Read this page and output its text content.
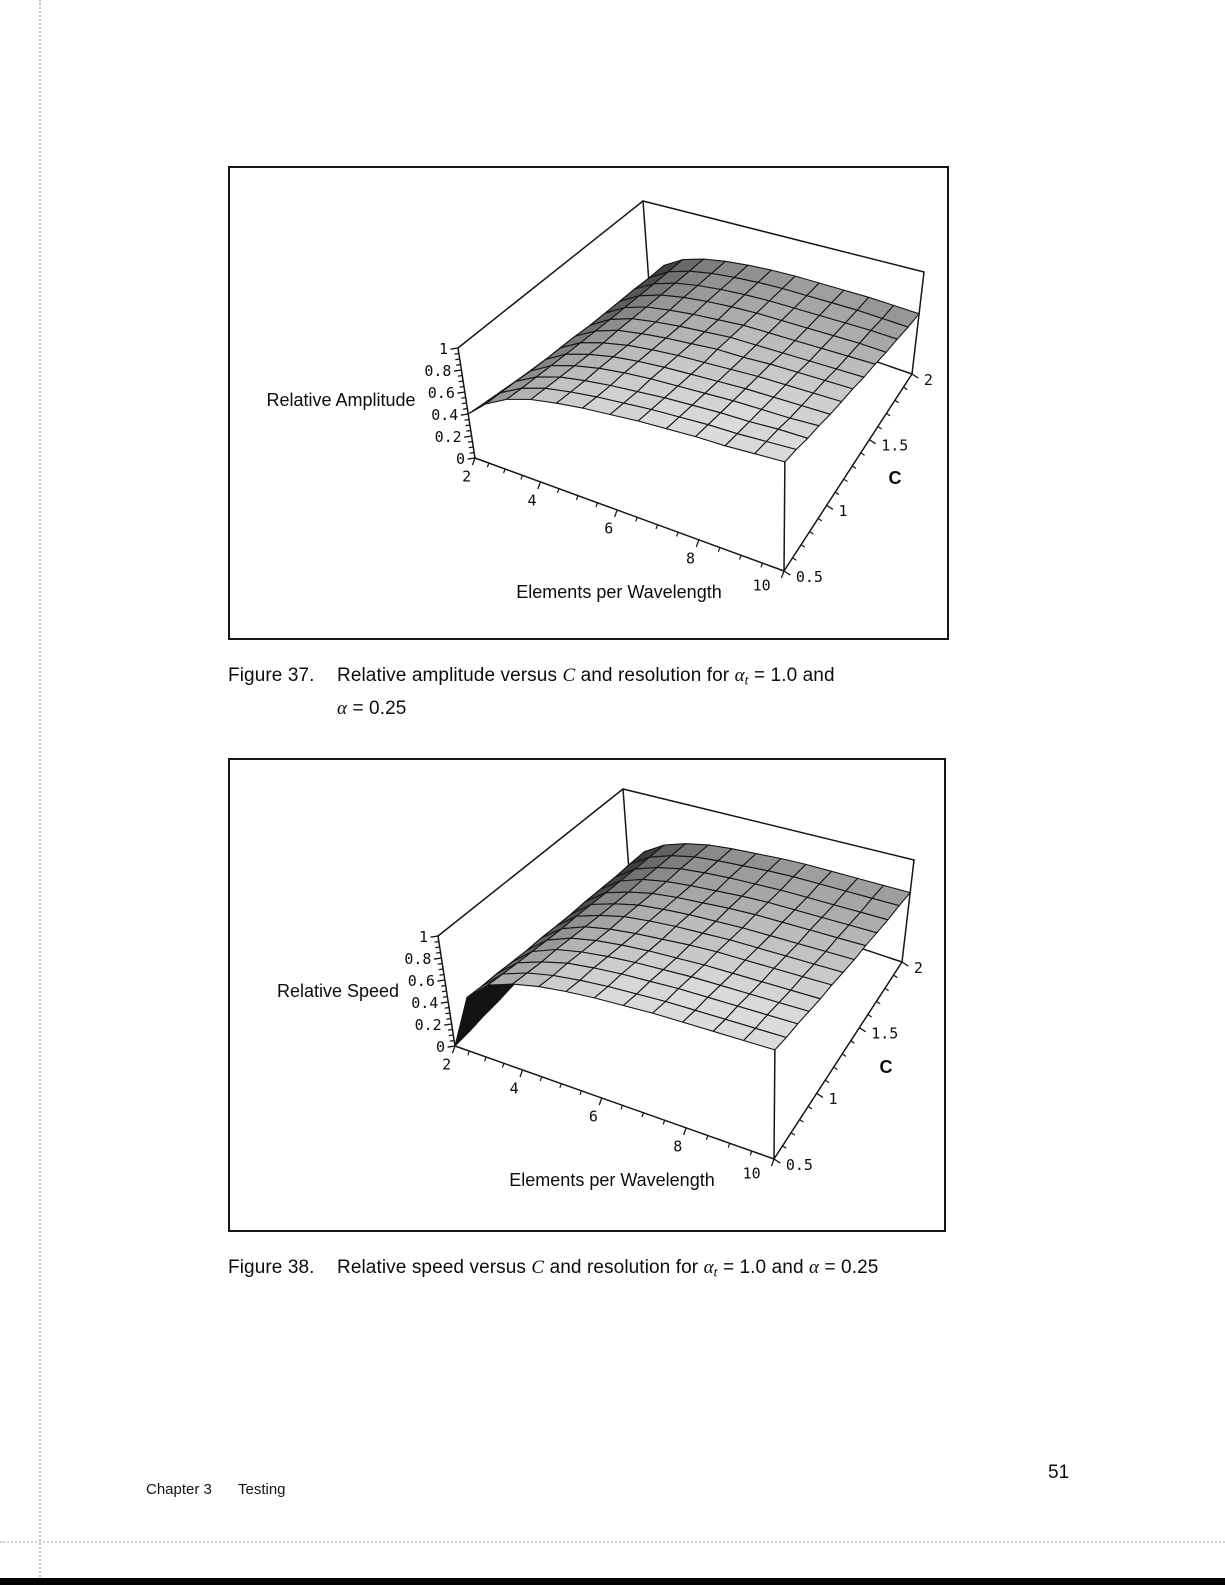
2
4
6
8
10 0.5
1
1.5
2
0
0.2
0.4
0.6
0.8
1
Relative Amplitude
Elements per Wavelength
C
Figure 37.	Relative amplitude versus C and resolution for αt = 1.0 and
α = 0.25
2
4
6
8
10 0.5
1
1.5
2
0
0.2
0.4
0.6
0.8
1
Relative Speed
Elements per Wavelength
C
Figure 38.	Relative speed versus C and resolution for αt = 1.0 and α = 0.25
Chapter 3 Testing
51
